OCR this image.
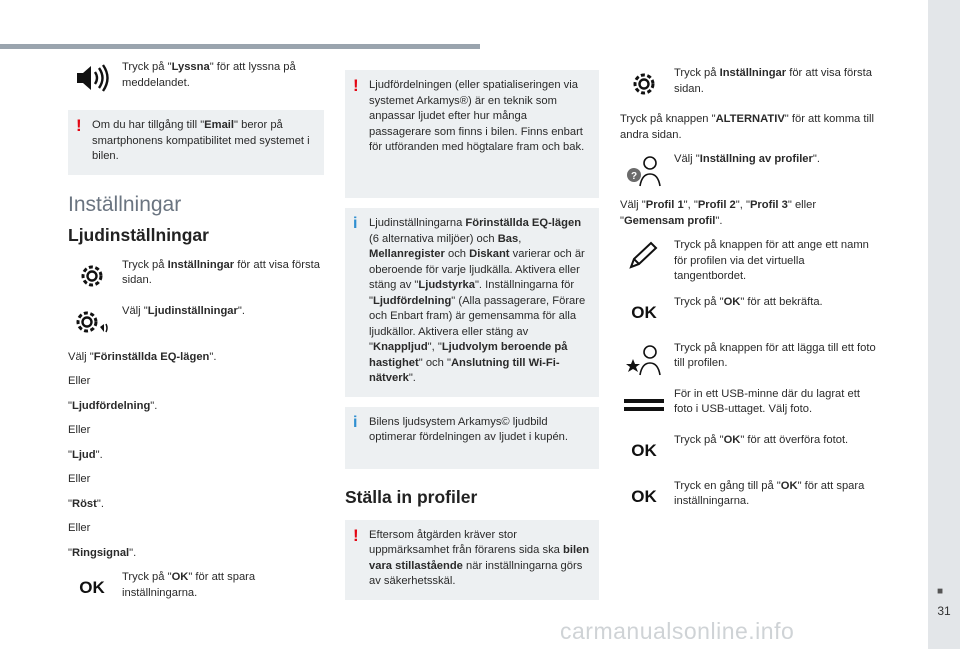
■
31
carmanualsonline.info
Tryck på "Lyssna" för att lyssna på meddelandet.
! Om du har tillgång till "Email" beror på smartphonens kompatibilitet med systemet i bilen.
Inställningar
Ljudinställningar
Tryck på Inställningar för att visa första sidan.
Välj "Ljudinställningar".
Välj "Förinställda EQ-lägen".
Eller
"Ljudfördelning".
Eller
"Ljud".
Eller
"Röst".
Eller
"Ringsignal".
OK
Tryck på "OK" för att spara inställningarna.
! Ljudfördelningen (eller spatialiseringen via systemet Arkamys®) är en teknik som anpassar ljudet efter hur många passagerare som finns i bilen. Finns enbart för utföranden med högtalare fram och bak.
i Ljudinställningarna Förinställda EQ-lägen (6 alternativa miljöer) och Bas, Mellanregister och Diskant varierar och är oberoende för varje ljudkälla. Aktivera eller stäng av "Ljudstyrka". Inställningarna för "Ljudfördelning" (Alla passagerare, Förare och Enbart fram) är gemensamma för alla ljudkällor. Aktivera eller stäng av "Knappljud", "Ljudvolym beroende på hastighet" och "Anslutning till Wi-Fi-nätverk".
i Bilens ljudsystem Arkamys© ljudbild optimerar fördelningen av ljudet i kupén.
Ställa in profiler
! Eftersom åtgärden kräver stor uppmärksamhet från förarens sida ska bilen vara stillastående när inställningarna görs av säkerhetsskäl.
Tryck på Inställningar för att visa första sidan.
Tryck på knappen "ALTERNATIV" för att komma till andra sidan.
?
Välj "Inställning av profiler".
Välj "Profil 1", "Profil 2", "Profil 3" eller "Gemensam profil".
Tryck på knappen för att ange ett namn för profilen via det virtuella tangentbordet.
OK
Tryck på "OK" för att bekräfta.
Tryck på knappen för att lägga till ett foto till profilen.
För in ett USB-minne där du lagrat ett foto i USB-uttaget. Välj foto.
OK
Tryck på "OK" för att överföra fotot.
OK
Tryck en gång till på "OK" för att spara inställningarna.
